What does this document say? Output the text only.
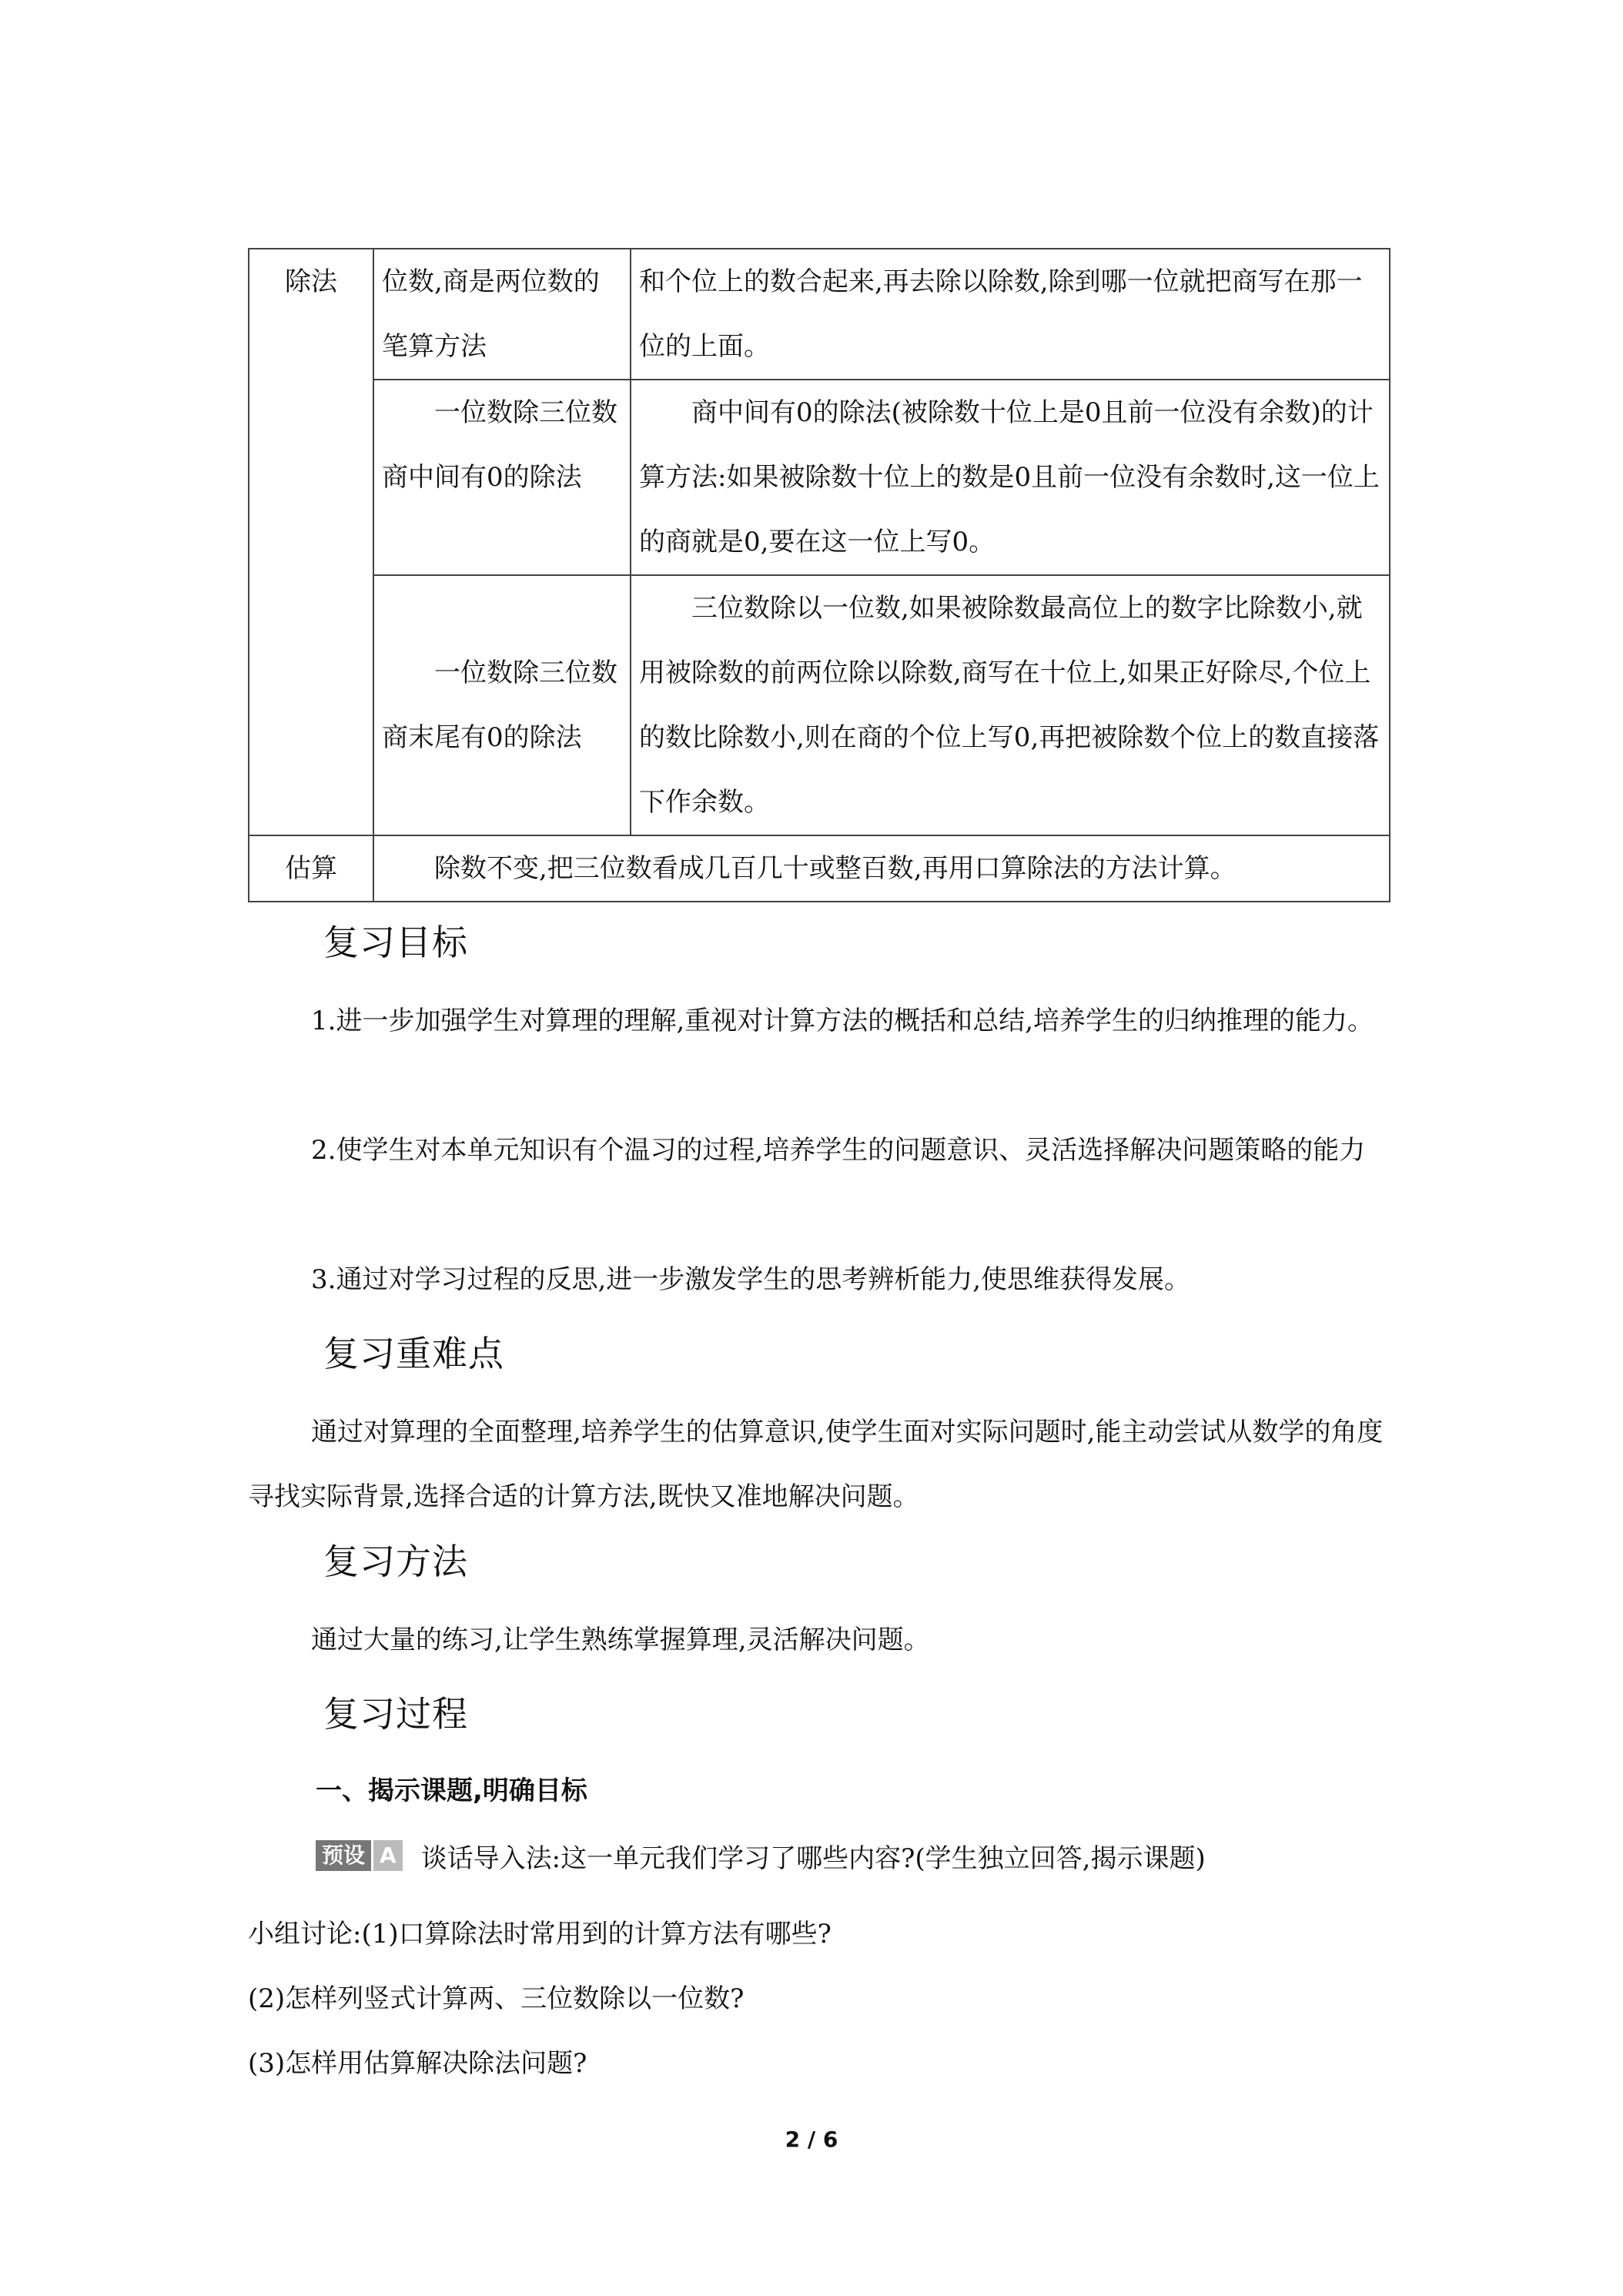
除法	位数,商是两位数的笔算方法	和个位上的数合起来,再去除以除数,除到哪一位就把商写在那一位的上面。
	一位数除三位数商中间有0的除法	商中间有0的除法(被除数十位上是0且前一位没有余数)的计算方法:如果被除数十位上的数是0且前一位没有余数时,这一位上的商就是0,要在这一位上写0。
	一位数除三位数商末尾有0的除法	三位数除以一位数,如果被除数最高位上的数字比除数小,就用被除数的前两位除以除数,商写在十位上,如果正好除尽,个位上的数比除数小,则在商的个位上写0,再把被除数个位上的数直接落下作余数。
估算	除数不变,把三位数看成几百几十或整百数,再用口算除法的方法计算。	
复习目标

1.进一步加强学生对算理的理解,重视对计算方法的概括和总结,培养学生的归纳推理的能力。

2.使学生对本单元知识有个温习的过程,培养学生的问题意识、灵活选择解决问题策略的能力

3.通过对学习过程的反思,进一步激发学生的思考辨析能力,使思维获得发展。

复习重难点

通过对算理的全面整理,培养学生的估算意识,使学生面对实际问题时,能主动尝试从数学的角度寻找实际背景,选择合适的计算方法,既快又准地解决问题。

复习方法

通过大量的练习,让学生熟练掌握算理,灵活解决问题。

复习过程
一、揭示课题,明确目标
预设 A 谈话导入法:这一单元我们学习了哪些内容?(学生独立回答,揭示课题)

小组讨论:(1)口算除法时常用到的计算方法有哪些?

(2)怎样列竖式计算两、三位数除以一位数?

(3)怎样用估算解决除法问题?

2 / 6
